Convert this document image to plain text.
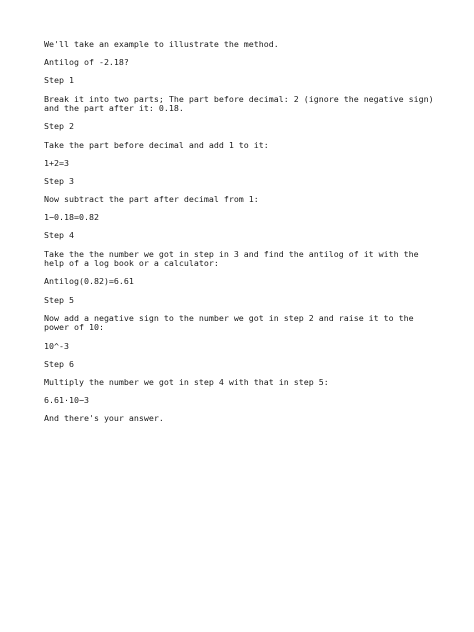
We'll take an example to illustrate the method.

Antilog of -2.18?

Step 1

Break it into two parts; The part before decimal: 2 (ignore the negative sign) and the part after it: 0.18.

Step 2

Take the part before decimal and add 1 to it:

1+2=3

Step 3

Now subtract the part after decimal from 1:

1−0.18=0.82

Step 4

Take the the number we got in step in 3 and find the antilog of it with the help of a log book or a calculator:

Antilog(0.82)=6.61

Step 5

Now add a negative sign to the number we got in step 2 and raise it to the power of 10:

10^-3

Step 6

Multiply the number we got in step 4 with that in step 5:

6.61·10−3

And there's your answer.
